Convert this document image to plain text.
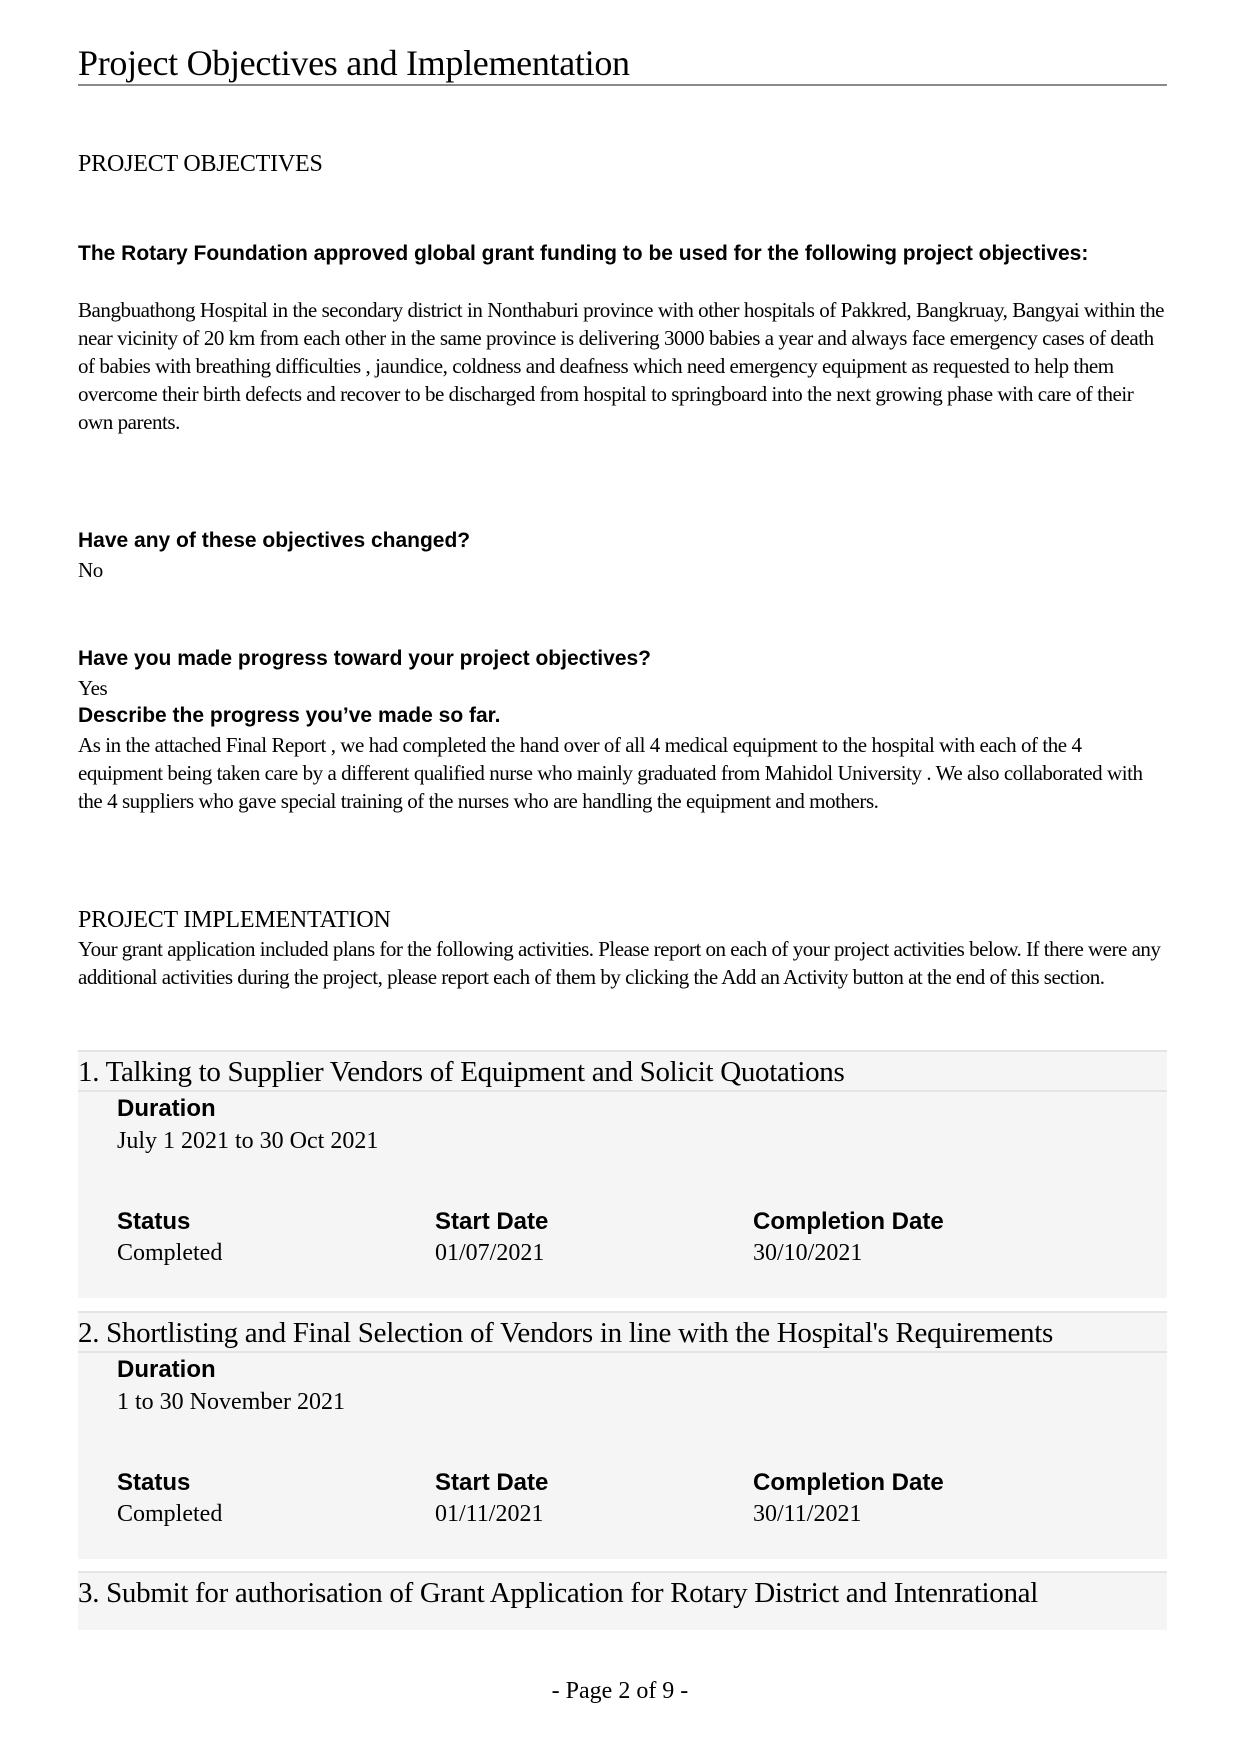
Project Objectives and Implementation
PROJECT OBJECTIVES
The Rotary Foundation approved global grant funding to be used for the following project objectives:
Bangbuathong Hospital in the secondary district in Nonthaburi province with other hospitals of Pakkred, Bangkruay, Bangyai within the near vicinity of 20 km from each other in the same province is delivering 3000 babies a year and always face emergency cases of death of babies with breathing difficulties , jaundice, coldness and deafness which need emergency equipment as requested to help them overcome their birth defects and recover to be discharged from hospital to springboard into the next growing phase with care of their own parents.
Have any of these objectives changed?
No
Have you made progress toward your project objectives?
Yes
Describe the progress you’ve made so far.
As in the attached Final Report , we had completed the hand over of all 4 medical equipment to the hospital with each of the 4 equipment being taken care by a different qualified nurse who mainly graduated from Mahidol University . We also collaborated with the 4 suppliers who gave special training of the nurses who are handling the equipment and mothers.
PROJECT IMPLEMENTATION
Your grant application included plans for the following activities. Please report on each of your project activities below. If there were any additional activities during the project, please report each of them by clicking the Add an Activity button at the end of this section.
1. Talking to Supplier Vendors of Equipment and Solicit Quotations
Duration
July 1 2021 to 30 Oct 2021
Status
Completed
Start Date
01/07/2021
Completion Date
30/10/2021
2. Shortlisting and Final Selection of Vendors in line with the Hospital's Requirements
Duration
1 to 30 November 2021
Status
Completed
Start Date
01/11/2021
Completion Date
30/11/2021
3. Submit for authorisation of Grant Application for Rotary District and Intenrational
- Page 2 of 9 -
